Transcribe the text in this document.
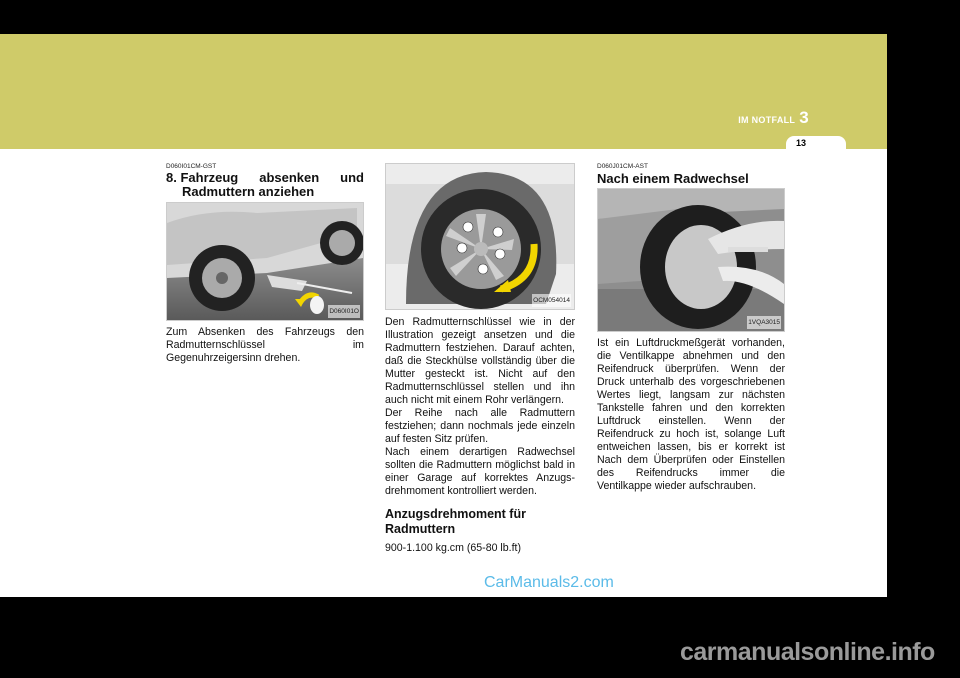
IM NOTFALL 3
13
D060I01CM-GST
8. Fahrzeug absenken und
Radmuttern anziehen
D060I01O

Zum Absenken des Fahrzeugs den Radmutternschlüssel im Gegenuhrzeigersinn drehen.

OCM054014

Den Radmutternschlüssel wie in der Illustration gezeigt ansetzen und die Radmuttern festziehen. Darauf achten, daß die Steckhülse vollständig über die Mutter gesteckt ist. Nicht auf den Radmutternschlüssel stellen und ihn auch nicht mit einem Rohr verlängern.

Der Reihe nach alle Radmuttern festziehen; dann nochmals jede einzeln auf festen Sitz prüfen.

Nach einem derartigen Radwechsel sollten die Radmuttern möglichst bald in einer Garage auf korrektes Anzugs-drehmoment kontrolliert werden.

Anzugsdrehmoment für Radmuttern

900-1.100 kg.cm (65-80 lb.ft)

D060J01CM-AST
Nach einem Radwechsel
1VQA3015

Ist ein Luftdruckmeßgerät vorhanden, die Ventilkappe abnehmen und den Reifendruck überprüfen. Wenn der Druck unterhalb des vorgeschriebenen Wertes liegt, langsam zur nächsten Tankstelle fahren und den korrekten Luftdruck einstellen. Wenn der Reifendruck zu hoch ist, solange Luft entweichen lassen, bis er korrekt ist Nach dem Überprüfen oder Einstellen des Reifendrucks immer die Ventilkappe wieder aufschrauben.

CarManuals2.com
carmanualsonline.info
